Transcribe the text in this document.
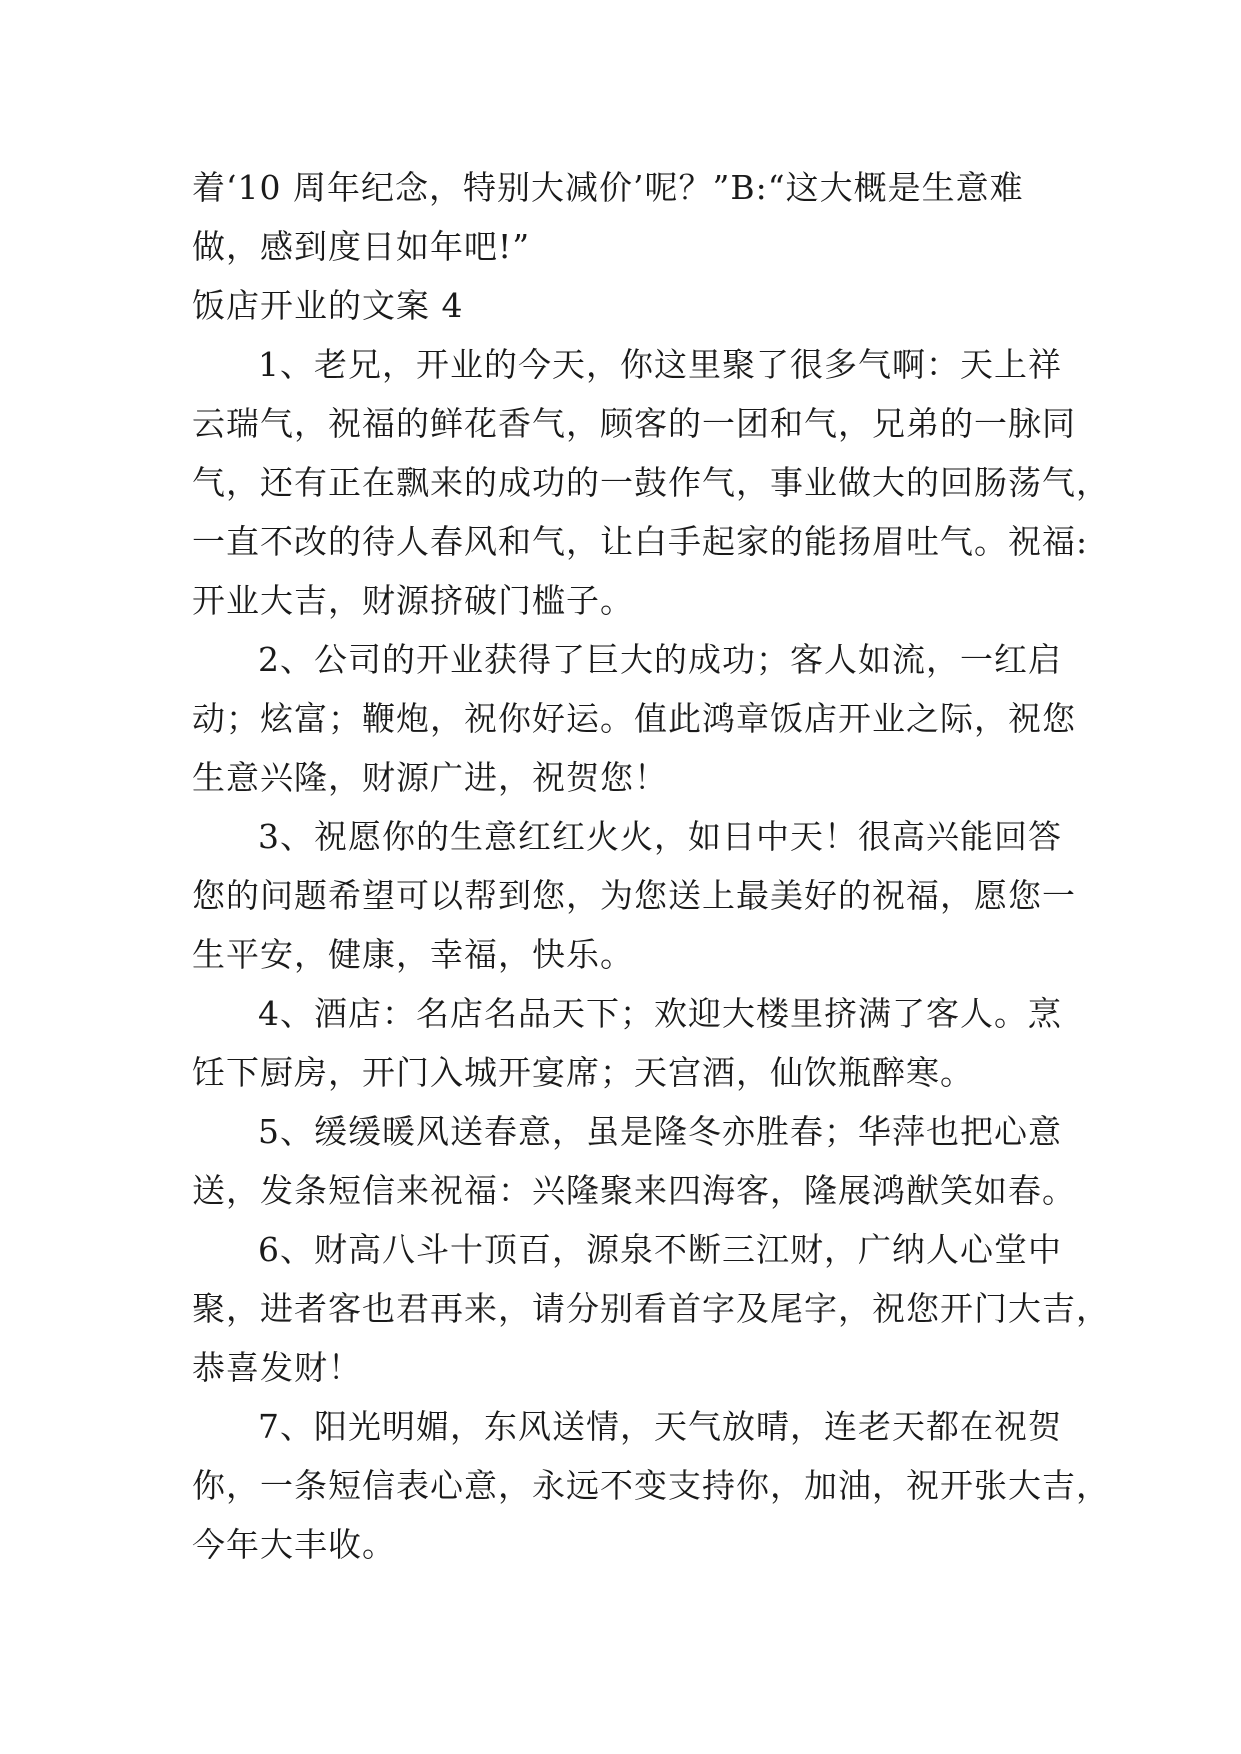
着‘10 周年纪念，特别大减价’呢？”B:“这大概是生意难
做，感到度日如年吧!”
饭店开业的文案 4
1、老兄，开业的今天，你这里聚了很多气啊：天上祥
云瑞气，祝福的鲜花香气，顾客的一团和气，兄弟的一脉同
气，还有正在飘来的成功的一鼓作气，事业做大的回肠荡气，
一直不改的待人春风和气，让白手起家的能扬眉吐气。祝福:
开业大吉，财源挤破门槛子。
2、公司的开业获得了巨大的成功；客人如流，一红启
动；炫富；鞭炮，祝你好运。值此鸿章饭店开业之际，祝您
生意兴隆，财源广进，祝贺您！
3、祝愿你的生意红红火火，如日中天！很高兴能回答
您的问题希望可以帮到您，为您送上最美好的祝福，愿您一
生平安，健康，幸福，快乐。
4、酒店：名店名品天下；欢迎大楼里挤满了客人。烹
饪下厨房，开门入城开宴席；天宫酒，仙饮瓶醉寒。
5、缓缓暖风送春意，虽是隆冬亦胜春；华萍也把心意
送，发条短信来祝福：兴隆聚来四海客，隆展鸿猷笑如春。
6、财高八斗十顶百，源泉不断三江财，广纳人心堂中
聚，进者客也君再来，请分别看首字及尾字，祝您开门大吉，
恭喜发财！
7、阳光明媚，东风送情，天气放晴，连老天都在祝贺
你，一条短信表心意，永远不变支持你，加油，祝开张大吉，
今年大丰收。
